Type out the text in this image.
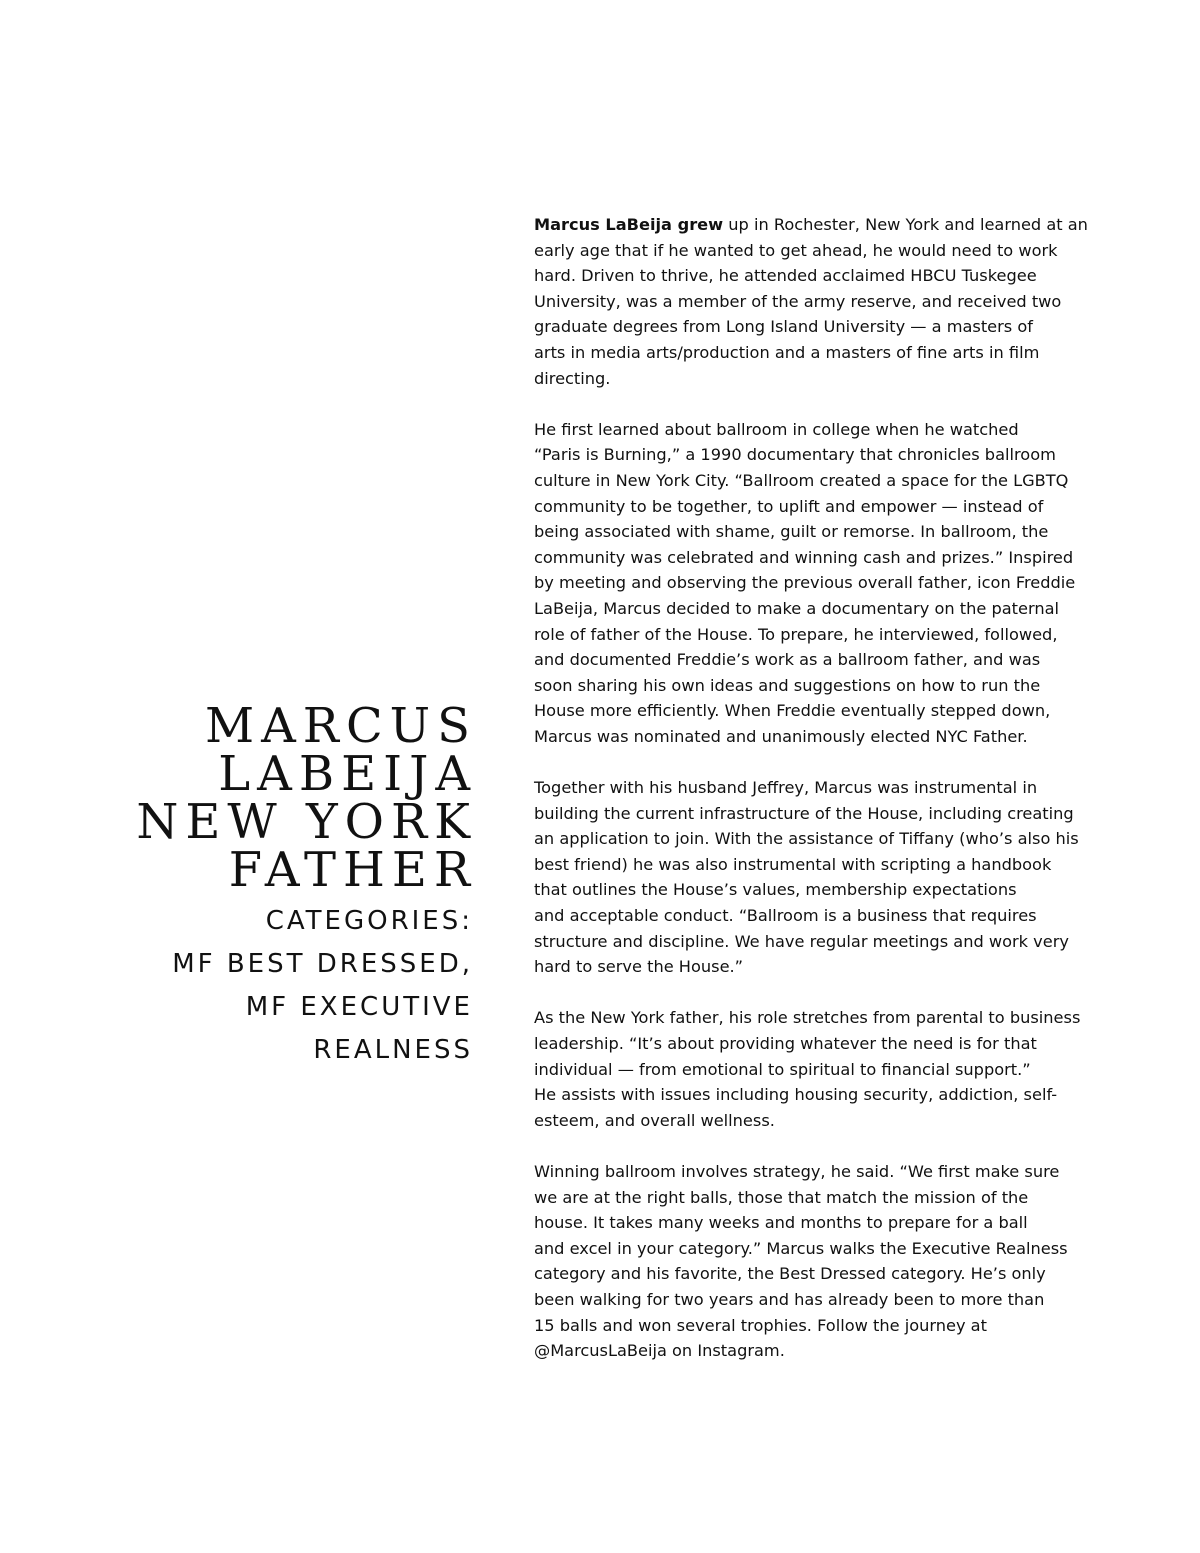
MARCUS
LABEIJA
NEW YORK
FATHER
CATEGORIES:
MF BEST DRESSED,
MF EXECUTIVE
REALNESS
Marcus LaBeija grew up in Rochester, New York and learned at an
early age that if he wanted to get ahead, he would need to work
hard. Driven to thrive, he attended acclaimed HBCU Tuskegee
University, was a member of the army reserve, and received two
graduate degrees from Long Island University — a masters of
arts in media arts/production and a masters of fine arts in film
directing.
He first learned about ballroom in college when he watched
“Paris is Burning,” a 1990 documentary that chronicles ballroom
culture in New York City. “Ballroom created a space for the LGBTQ
community to be together, to uplift and empower — instead of
being associated with shame, guilt or remorse. In ballroom, the
community was celebrated and winning cash and prizes.” Inspired
by meeting and observing the previous overall father, icon Freddie
LaBeija, Marcus decided to make a documentary on the paternal
role of father of the House. To prepare, he interviewed, followed,
and documented Freddie’s work as a ballroom father, and was
soon sharing his own ideas and suggestions on how to run the
House more efficiently. When Freddie eventually stepped down,
Marcus was nominated and unanimously elected NYC Father.
Together with his husband Jeffrey, Marcus was instrumental in
building the current infrastructure of the House, including creating
an application to join. With the assistance of Tiffany (who’s also his
best friend) he was also instrumental with scripting a handbook
that outlines the House’s values, membership expectations
and acceptable conduct. “Ballroom is a business that requires
structure and discipline. We have regular meetings and work very
hard to serve the House.”
As the New York father, his role stretches from parental to business
leadership. “It’s about providing whatever the need is for that
individual — from emotional to spiritual to financial support.”
He assists with issues including housing security, addiction, self-
esteem, and overall wellness.
Winning ballroom involves strategy, he said. “We first make sure
we are at the right balls, those that match the mission of the
house. It takes many weeks and months to prepare for a ball
and excel in your category.” Marcus walks the Executive Realness
category and his favorite, the Best Dressed category. He’s only
been walking for two years and has already been to more than
15 balls and won several trophies. Follow the journey at
@MarcusLaBeija on Instagram.
